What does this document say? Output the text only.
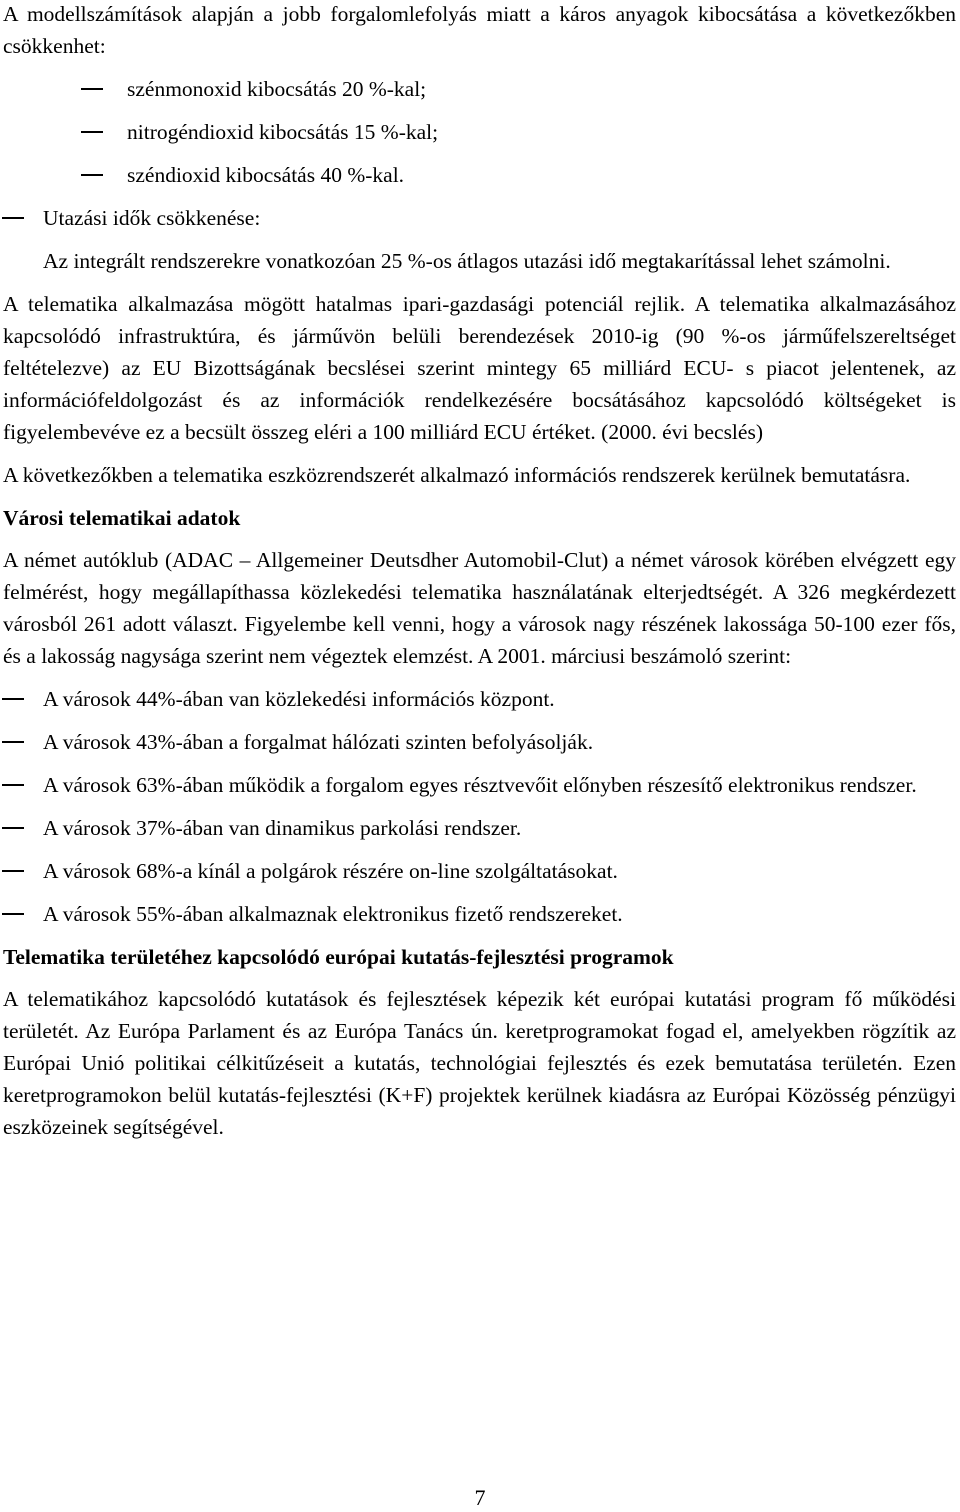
A modellszámítások alapján a jobb forgalomlefolyás miatt a káros anyagok kibocsátása a következőkben csökkenhet:

szénmonoxid kibocsátás 20 %-kal;
nitrogéndioxid kibocsátás 15 %-kal;
széndioxid kibocsátás 40 %-kal.
Utazási idők csökkenése:

Az integrált rendszerekre vonatkozóan 25 %-os átlagos utazási idő megtakarítással lehet számolni.

A telematika alkalmazása mögött hatalmas ipari-gazdasági potenciál rejlik. A telematika alkalmazásához kapcsolódó infrastruktúra, és járművön belüli berendezések 2010-ig (90 %-os járműfelszereltséget feltételezve) az EU Bizottságának becslései szerint mintegy 65 milliárd ECU- s piacot jelentenek, az információfeldolgozást és az információk rendelkezésére bocsátásához kapcsolódó költségeket is figyelembevéve ez a becsült összeg eléri a 100 milliárd ECU értéket. (2000. évi becslés)

A következőkben a telematika eszközrendszerét alkalmazó információs rendszerek kerülnek bemutatásra.

Városi telematikai adatok

A német autóklub (ADAC – Allgemeiner Deutsdher Automobil-Clut) a német városok körében elvégzett egy felmérést, hogy megállapíthassa közlekedési telematika használatának elterjedtségét. A 326 megkérdezett városból 261 adott választ. Figyelembe kell venni, hogy a városok nagy részének lakossága 50-100 ezer fős, és a lakosság nagysága szerint nem végeztek elemzést. A 2001. márciusi beszámoló szerint:

A városok 44%-ában van közlekedési információs központ.

A városok 43%-ában a forgalmat hálózati szinten befolyásolják.

A városok 63%-ában működik a forgalom egyes résztvevőit előnyben részesítő elektronikus rendszer.

A városok 37%-ában van dinamikus parkolási rendszer.

A városok 68%-a kínál a polgárok részére on-line szolgáltatásokat.

A városok 55%-ában alkalmaznak elektronikus fizető rendszereket.

Telematika területéhez kapcsolódó európai kutatás-fejlesztési programok

A telematikához kapcsolódó kutatások és fejlesztések képezik két európai kutatási program fő működési területét. Az Európa Parlament és az Európa Tanács ún. keretprogramokat fogad el, amelyekben rögzítik az Európai Unió politikai célkitűzéseit a kutatás, technológiai fejlesztés és ezek bemutatása területén. Ezen keretprogramokon belül kutatás-fejlesztési (K+F) projektek kerülnek kiadásra az Európai Közösség pénzügyi eszközeinek segítségével.

7
